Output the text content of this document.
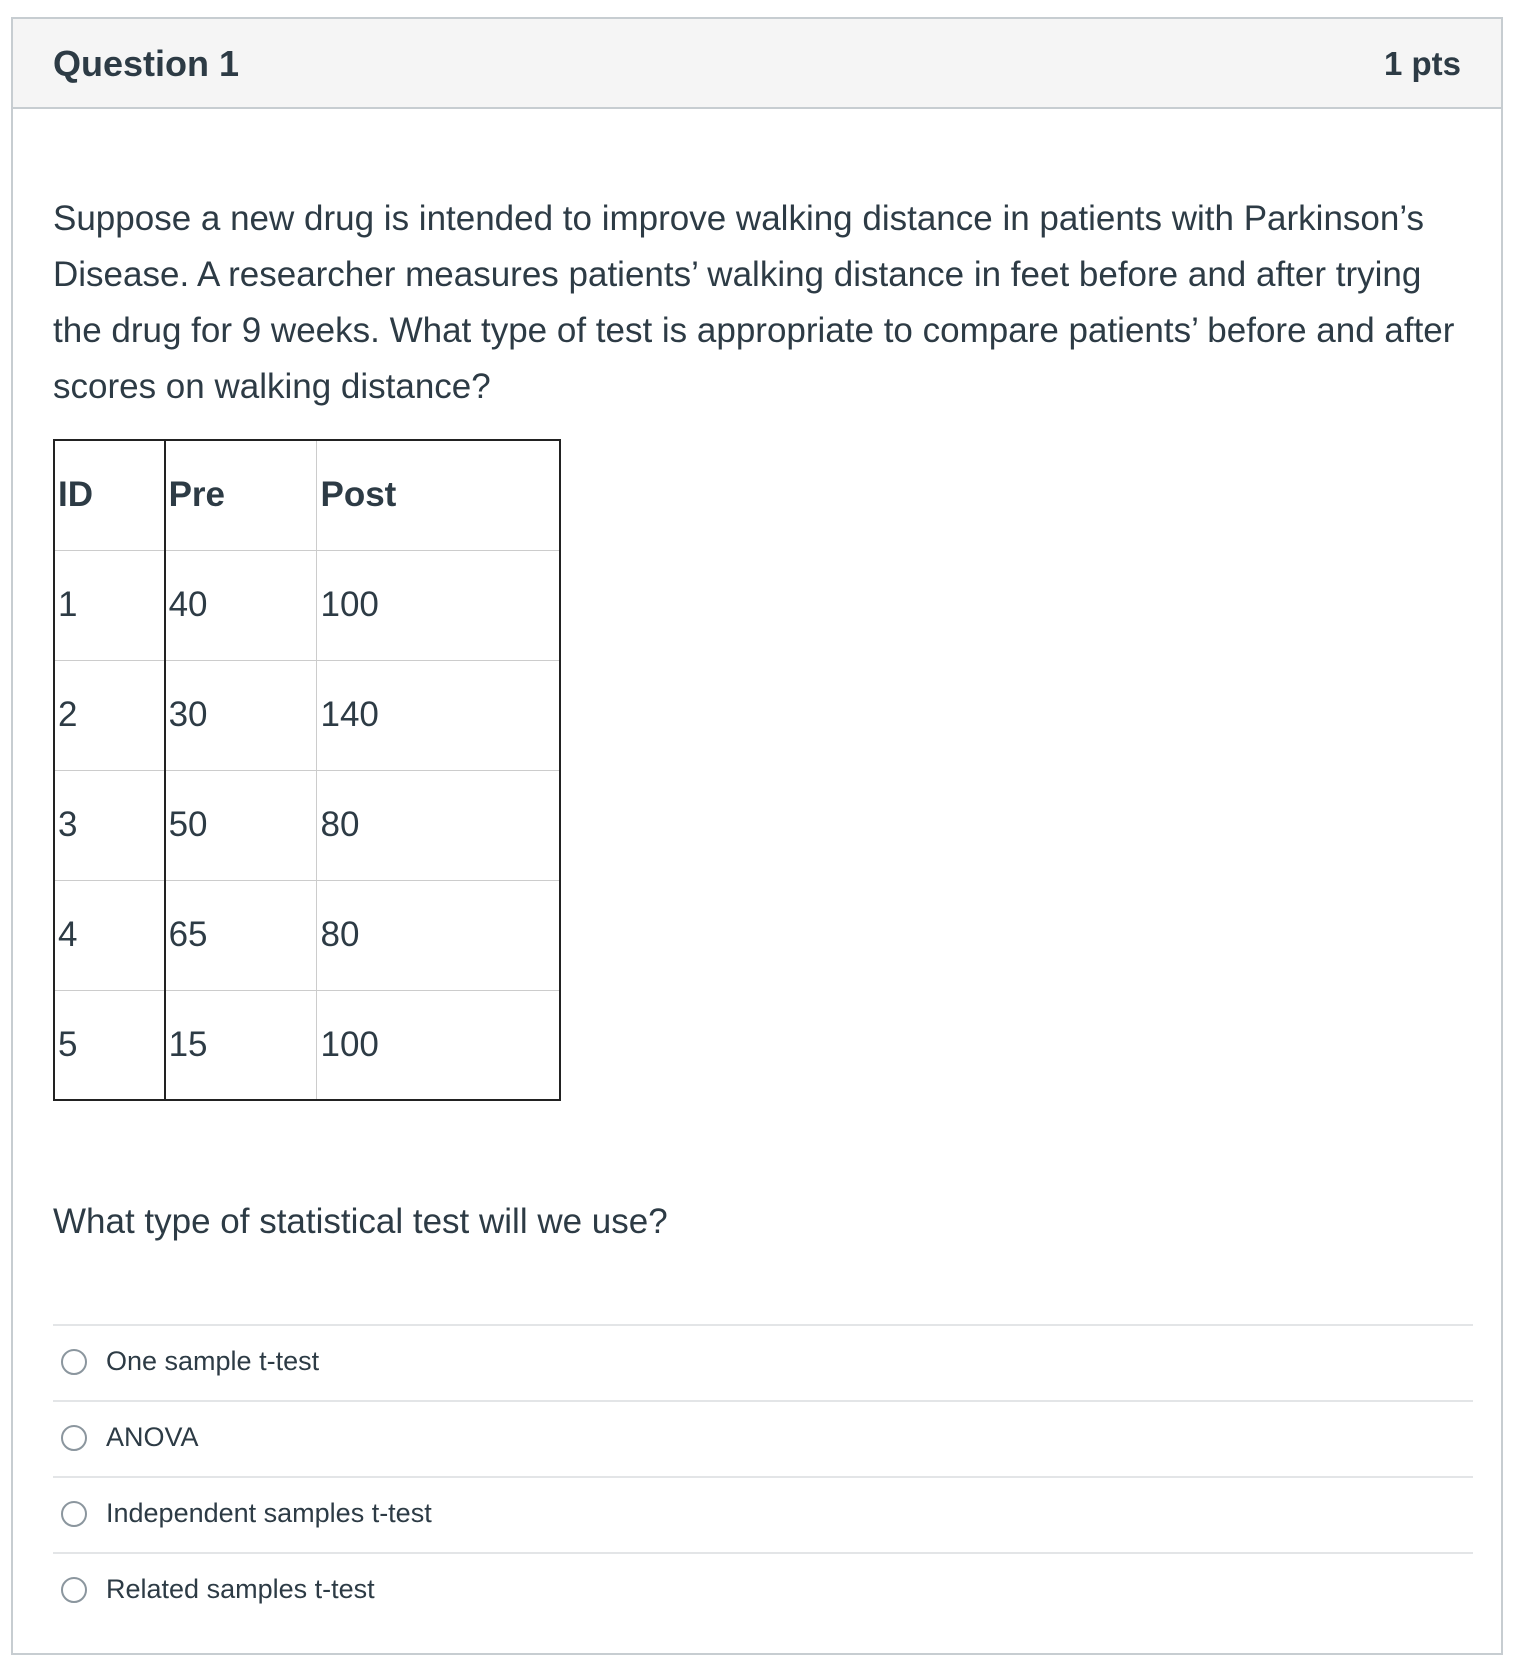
Question 1	1 pts
Suppose a new drug is intended to improve walking distance in patients with Parkinson’s Disease. A researcher measures patients’ walking distance in feet before and after trying the drug for 9 weeks. What type of test is appropriate to compare patients’ before and after scores on walking distance?
ID	Pre	Post
1	40	100
2	30	140
3	50	80
4	65	80
5	15	100
What type of statistical test will we use?
One sample t-test
ANOVA
Independent samples t-test
Related samples t-test
